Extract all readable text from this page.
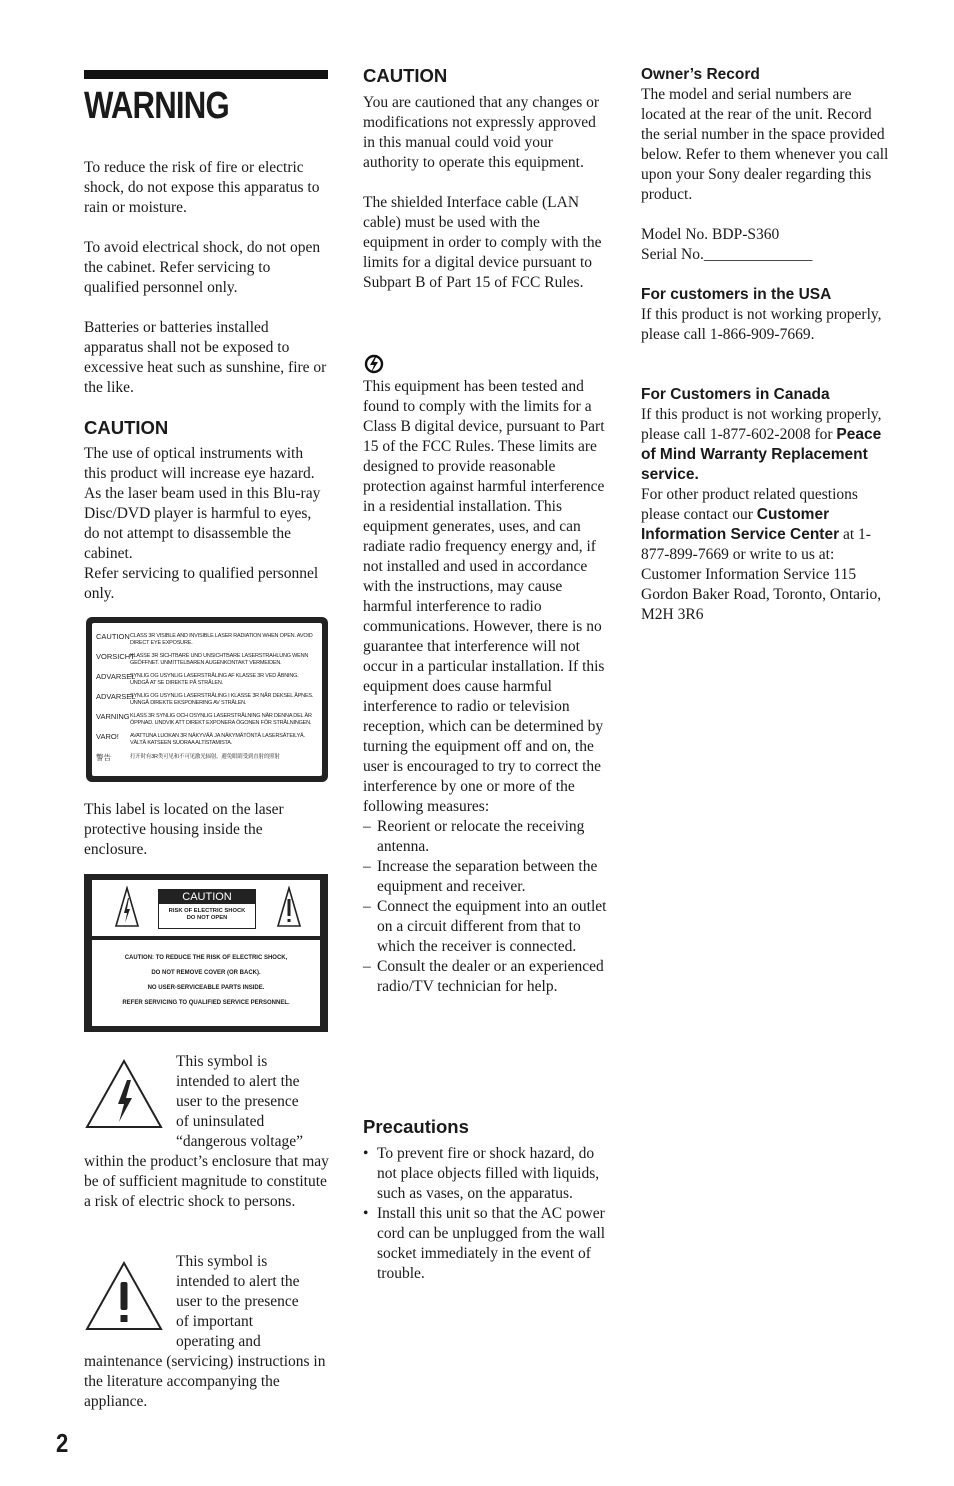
WARNING

To reduce the risk of fire or electric shock, do not expose this apparatus to rain or moisture.

To avoid electrical shock, do not open the cabinet. Refer servicing to qualified personnel only.

Batteries or batteries installed apparatus shall not be exposed to excessive heat such as sunshine, fire or the like.

CAUTION

The use of optical instruments with this product will increase eye hazard. As the laser beam used in this Blu-ray Disc/DVD player is harmful to eyes, do not attempt to disassemble the cabinet.

Refer servicing to qualified personnel only.

CAUTION CLASS 3R VISIBLE AND INVISIBLE LASER RADIATION WHEN OPEN. AVOID DIRECT EYE EXPOSURE.
VORSICHT
KLASSE 3R SICHTBARE UND UNSICHTBARE LASERSTRAHLUNG WENN GEÖFFNET. UNMITTELBAREN AUGENKONTAKT VERMEIDEN.
ADVARSEL
SYNLIG OG USYNLIG LASERSTRÅLING AF KLASSE 3R VED ÅBNING. UNDGÅ AT SE DIREKTE PÅ STRÅLEN.
ADVARSEL
SYNLIG OG USYNLIG LASERSTRÅLING I KLASSE 3R NÅR DEKSEL ÅPNES. UNNGÅ DIREKTE EKSPONERING AV STRÅLEN.
VARNING KLASS 3R SYNLIG OCH OSYNLIG LASERSTRÅLNING NÄR DENNA DEL ÄR ÖPPNAD. UNDVIK ATT DIREKT EXPONERA ÖGONEN FÖR STRÅLNINGEN.
VARO!	AVATTUNA LUOKAN 3R NÄKYVÄÄ JA NÄKYMÄTÖNTÄ LASERSÄTEILYÄ. VÄLTÄ KATSEEN SUORAA ALTISTAMISTA.
警告	打开时有3R类可见和不可见激光辐射，避免眼睛受到直射的照射

This label is located on the laser protective housing inside the enclosure.

CAUTION
RISK OF ELECTRIC SHOCK
DO NOT OPEN
CAUTION: TO REDUCE THE RISK OF ELECTRIC SHOCK,
DO NOT REMOVE COVER (OR BACK).
NO USER-SERVICEABLE PARTS INSIDE.
REFER SERVICING TO QUALIFIED SERVICE PERSONNEL.
This symbol is
intended to alert the
user to the presence
of uninsulated
“dangerous voltage”

within the product’s enclosure that may be of sufficient magnitude to constitute a risk of electric shock to persons.

This symbol is
intended to alert the
user to the presence
of important
operating and

maintenance (servicing) instructions in the literature accompanying the appliance.

CAUTION

You are cautioned that any changes or modifications not expressly approved in this manual could void your authority to operate this equipment.

The shielded Interface cable (LAN cable) must be used with the equipment in order to comply with the limits for a digital device pursuant to Subpart B of Part 15 of FCC Rules.

This equipment has been tested and found to comply with the limits for a Class B digital device, pursuant to Part 15 of the FCC Rules. These limits are designed to provide reasonable protection against harmful interference in a residential installation. This equipment generates, uses, and can radiate radio frequency energy and, if not installed and used in accordance with the instructions, may cause harmful interference to radio communications. However, there is no guarantee that interference will not occur in a particular installation. If this equipment does cause harmful interference to radio or television reception, which can be determined by turning the equipment off and on, the user is encouraged to try to correct the interference by one or more of the following measures:

– Reorient or relocate the receiving antenna.
– Increase the separation between the equipment and receiver.
– Connect the equipment into an outlet on a circuit different from that to which the receiver is connected.
– Consult the dealer or an experienced radio/TV technician for help.
Precautions
• To prevent fire or shock hazard, do not place objects filled with liquids, such as vases, on the apparatus.
• Install this unit so that the AC power cord can be unplugged from the wall socket immediately in the event of trouble.
Owner’s Record

The model and serial numbers are located at the rear of the unit. Record the serial number in the space provided below. Refer to them whenever you call upon your Sony dealer regarding this product.

Model No. BDP-S360

Serial No.______________

For customers in the USA

If this product is not working properly, please call 1-866-909-7669.

For Customers in Canada

If this product is not working properly, please call 1-877-602-2008 for Peace of Mind Warranty Replacement service.

For other product related questions please contact our Customer Information Service Center at 1-877-899-7669 or write to us at: Customer Information Service 115 Gordon Baker Road, Toronto, Ontario, M2H 3R6

2
